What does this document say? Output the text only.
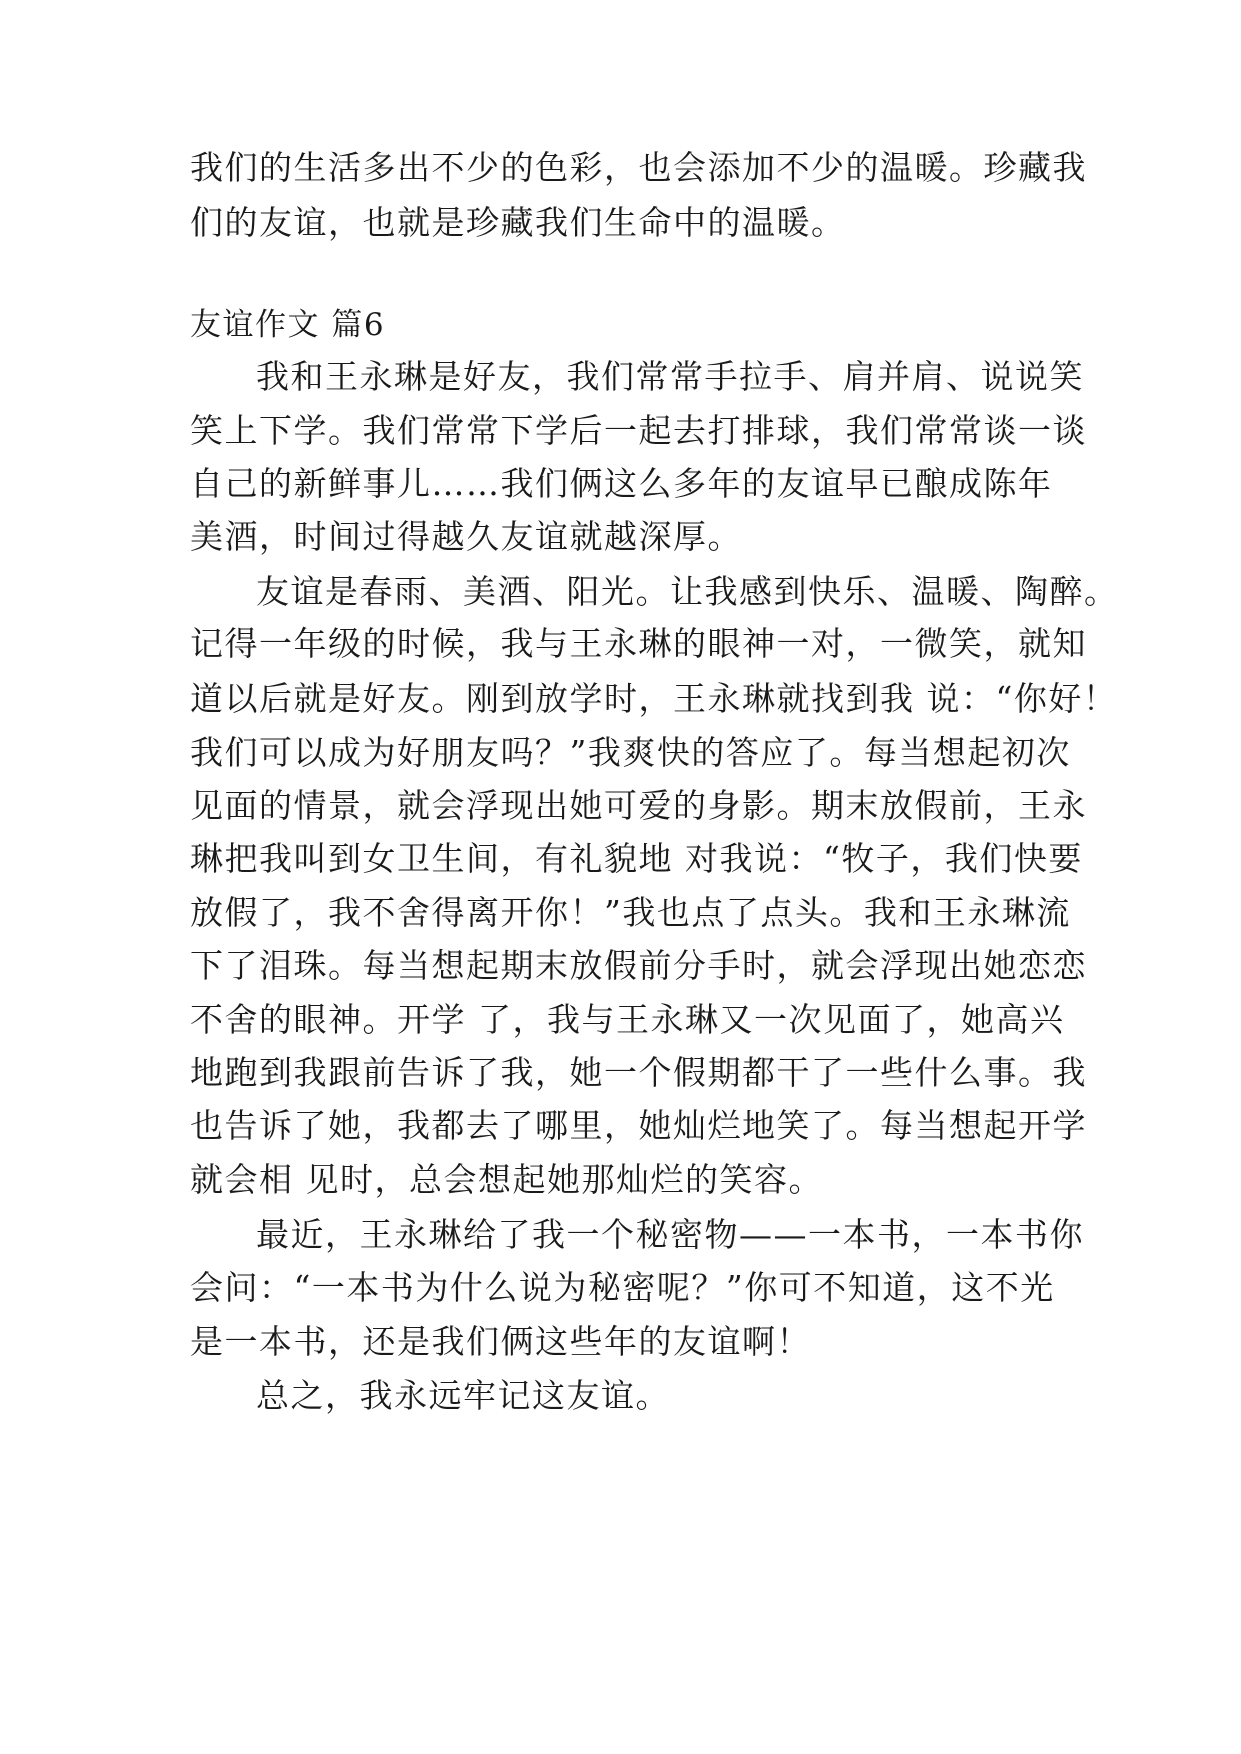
我们的生活多出不少的色彩，也会添加不少的温暖。珍藏我
们的友谊，也就是珍藏我们生命中的温暖。
友谊作文 篇6
我和王永琳是好友，我们常常手拉手、肩并肩、说说笑
笑上下学。我们常常下学后一起去打排球，我们常常谈一谈
自己的新鲜事儿……我们俩这么多年的友谊早已酿成陈年
美酒，时间过得越久友谊就越深厚。
友谊是春雨、美酒、阳光。让我感到快乐、温暖、陶醉。
记得一年级的时候，我与王永琳的眼神一对，一微笑，就知
道以后就是好友。刚到放学时，王永琳就找到我 说：“你好！
我们可以成为好朋友吗？”我爽快的答应了。每当想起初次
见面的情景，就会浮现出她可爱的身影。期末放假前，王永
琳把我叫到女卫生间，有礼貌地 对我说：“牧子，我们快要
放假了，我不舍得离开你！”我也点了点头。我和王永琳流
下了泪珠。每当想起期末放假前分手时，就会浮现出她恋恋
不舍的眼神。开学 了，我与王永琳又一次见面了，她高兴
地跑到我跟前告诉了我，她一个假期都干了一些什么事。我
也告诉了她，我都去了哪里，她灿烂地笑了。每当想起开学
就会相 见时，总会想起她那灿烂的笑容。
最近，王永琳给了我一个秘密物——一本书，一本书你
会问：“一本书为什么说为秘密呢？”你可不知道，这不光
是一本书，还是我们俩这些年的友谊啊！
总之，我永远牢记这友谊。
